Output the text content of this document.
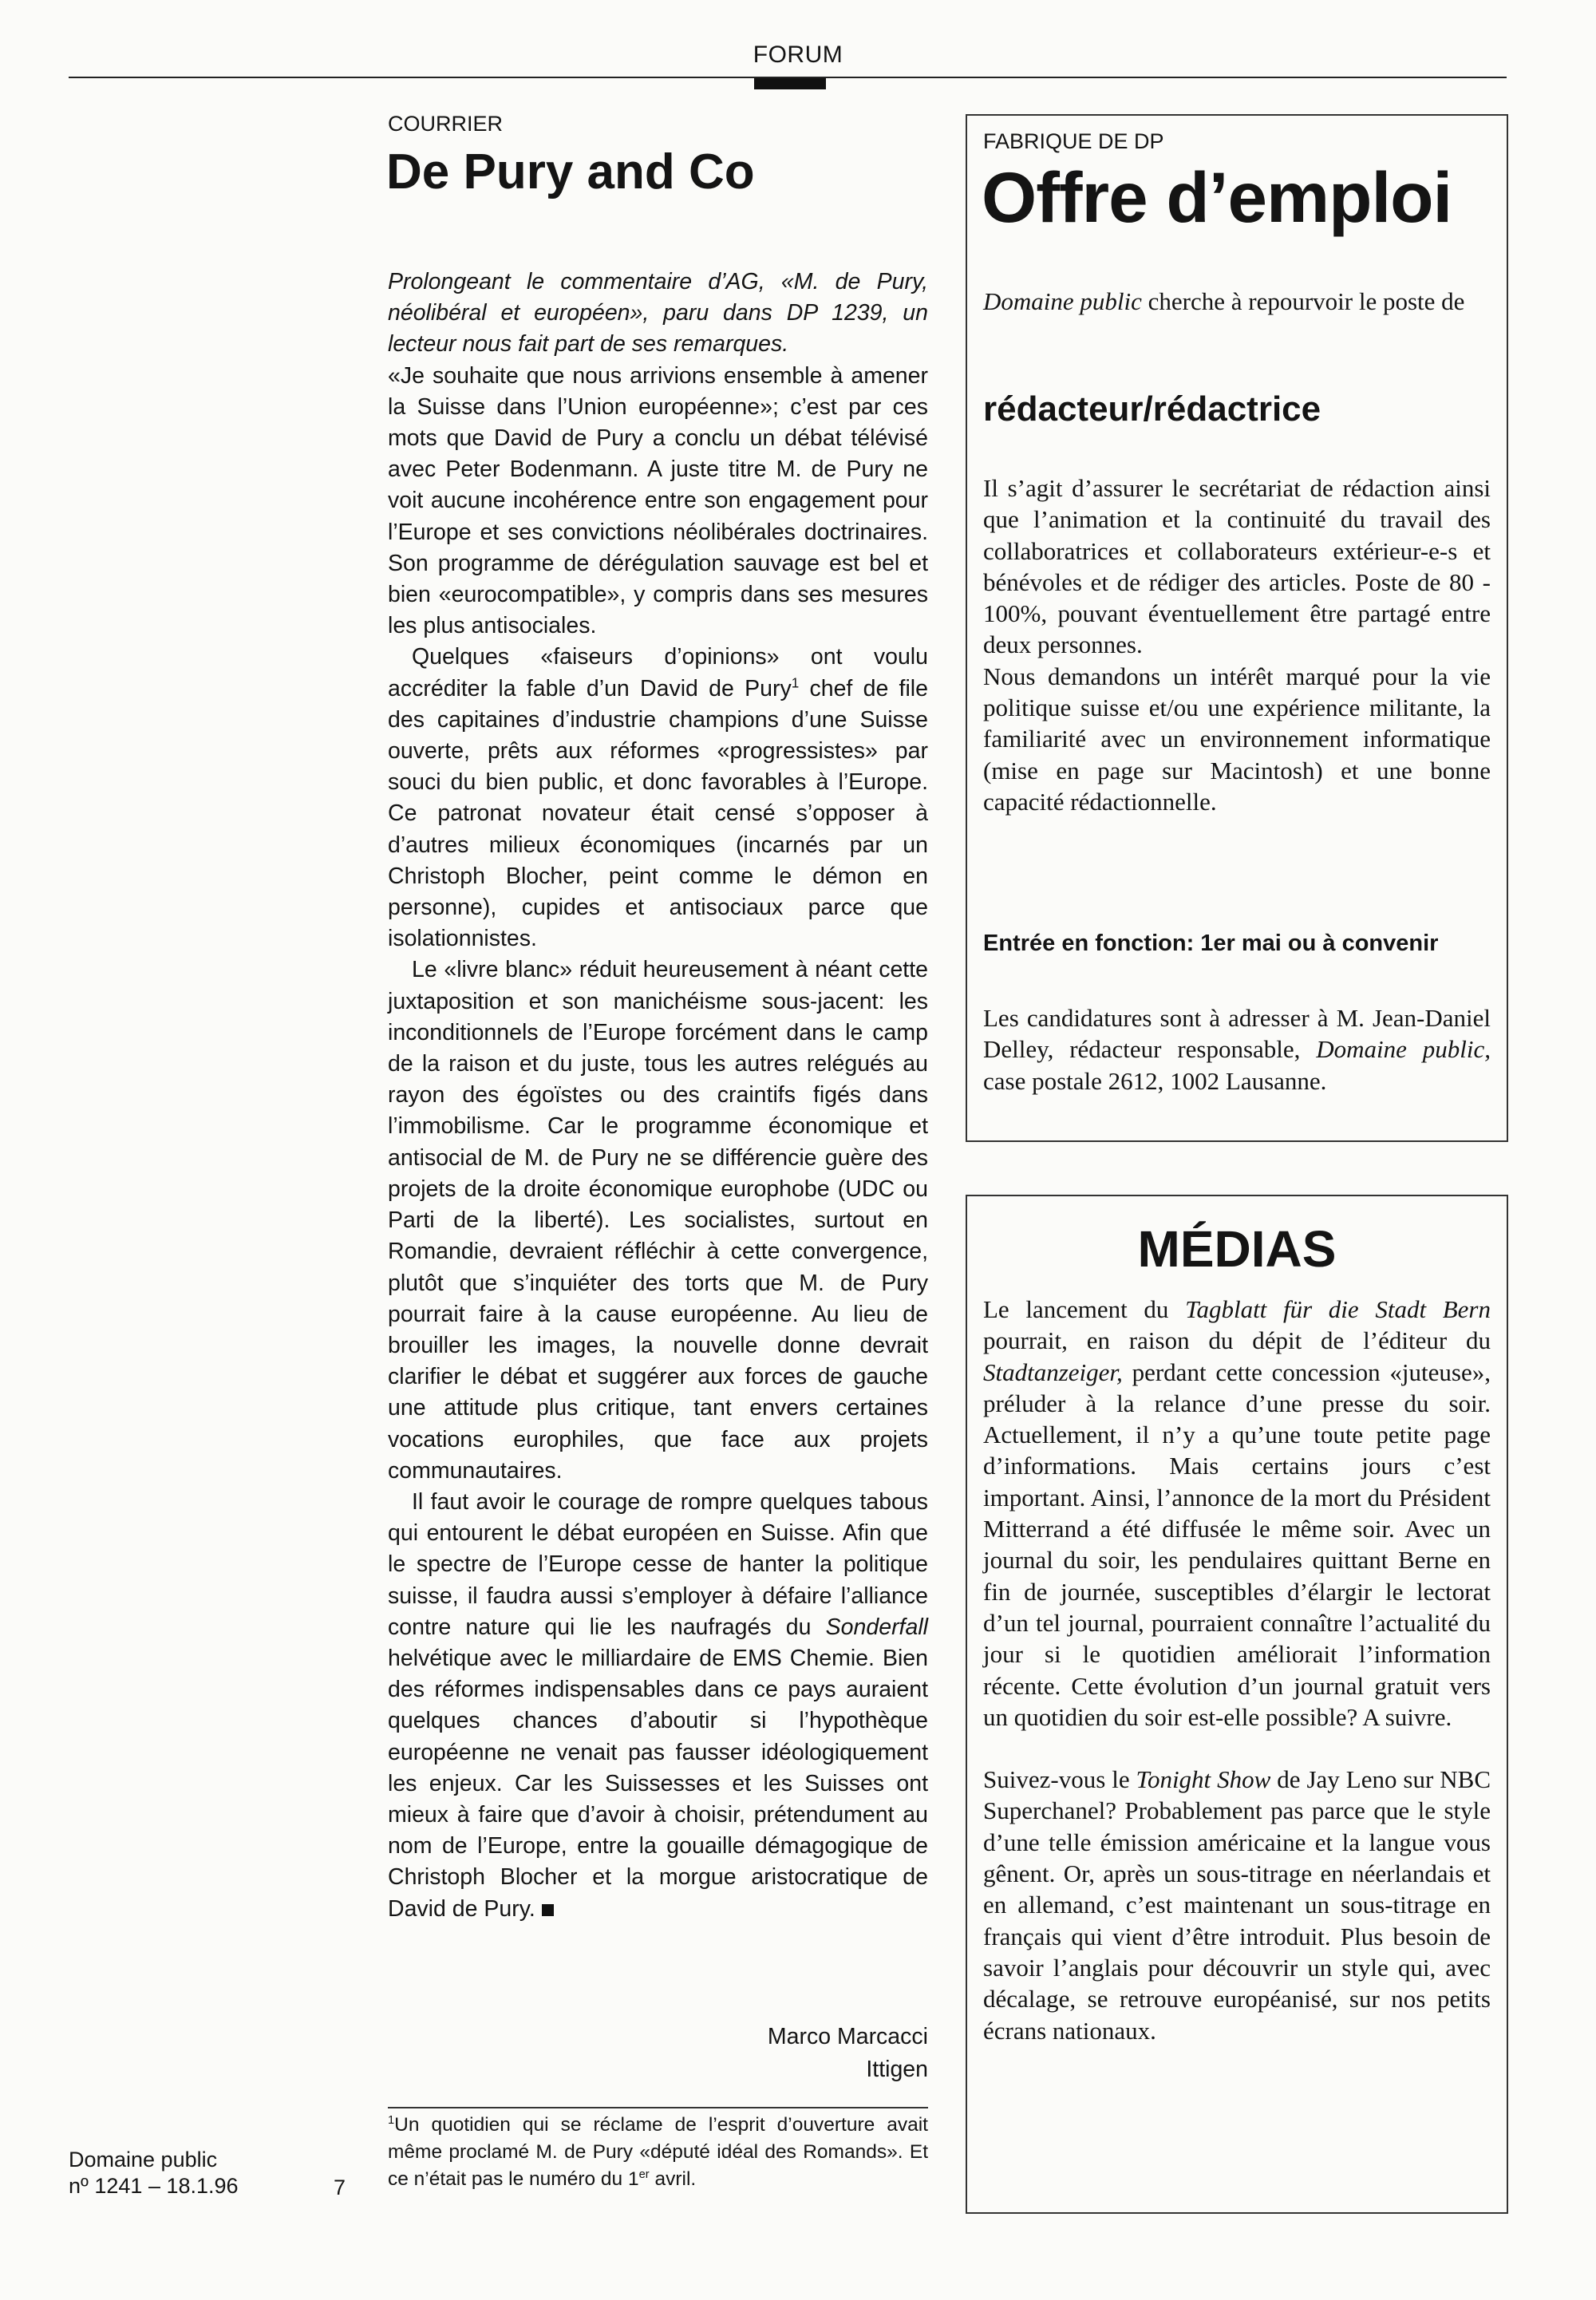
FORUM
COURRIER
De Pury and Co

Prolongeant le commentaire d’AG, «M. de Pury, néolibéral et européen», paru dans DP 1239, un lecteur nous fait part de ses remarques.

«Je souhaite que nous arrivions ensemble à amener la Suisse dans l’Union européenne»; c’est par ces mots que David de Pury a conclu un débat télévisé avec Peter Bodenmann. A juste titre M. de Pury ne voit aucune incohérence entre son engagement pour l’Europe et ses convictions néolibérales doctrinaires. Son programme de dérégulation sauvage est bel et bien «eurocompatible», y compris dans ses mesures les plus antisociales.

Quelques «faiseurs d’opinions» ont voulu accréditer la fable d’un David de Pury$^1$ chef de file des capitaines d’industrie champions d’une Suisse ouverte, prêts aux réformes «progressistes» par souci du bien public, et donc favorables à l’Europe. Ce patronat novateur était censé s’opposer à d’autres milieux économiques (incarnés par un Christoph Blocher, peint comme le démon en personne), cupides et antisociaux parce que isolationnistes.

Le «livre blanc» réduit heureusement à néant cette juxtaposition et son manichéisme sous-jacent: les inconditionnels de l’Europe forcément dans le camp de la raison et du juste, tous les autres relégués au rayon des égoïstes ou des craintifs figés dans l’immobilisme. Car le programme économique et antisocial de M. de Pury ne se différencie guère des projets de la droite économique europhobe (UDC ou Parti de la liberté). Les socialistes, surtout en Romandie, devraient réfléchir à cette convergence, plutôt que s’inquiéter des torts que M. de Pury pourrait faire à la cause européenne. Au lieu de brouiller les images, la nouvelle donne devrait clarifier le débat et suggérer aux forces de gauche une attitude plus critique, tant envers certaines vocations europhiles, que face aux projets communautaires.

Il faut avoir le courage de rompre quelques tabous qui entourent le débat européen en Suisse. Afin que le spectre de l’Europe cesse de hanter la politique suisse, il faudra aussi s’employer à défaire l’alliance contre nature qui lie les naufragés du Sonderfall helvétique avec le milliardaire de EMS Chemie. Bien des réformes indispensables dans ce pays auraient quelques chances d’aboutir si l’hypothèque européenne ne venait pas fausser idéologiquement les enjeux. Car les Suissesses et les Suisses ont mieux à faire que d’avoir à choisir, prétendument au nom de l’Europe, entre la gouaille démagogique de Christoph Blocher et la morgue aristocratique de David de Pury.

Marco Marcacci
Ittigen
$^1$Un quotidien qui se réclame de l’esprit d’ouverture avait même proclamé M. de Pury «député idéal des Romands». Et ce n’était pas le numéro du 1er avril.
Domaine public
nº 1241 – 18.1.96	7
FABRIQUE DE DP
Offre d’emploi
Domaine public cherche à repourvoir le poste de
rédacteur/rédactrice

Il s’agit d’assurer le secrétariat de rédaction ainsi que l’animation et la continuité du travail des collaboratrices et collaborateurs extérieur-e-s et bénévoles et de rédiger des articles. Poste de 80 - 100%, pouvant éventuellement être partagé entre deux personnes.

Nous demandons un intérêt marqué pour la vie politique suisse et/ou une expérience militante, la familiarité avec un environnement informatique (mise en page sur Macintosh) et une bonne capacité rédactionnelle.

Entrée en fonction: 1er mai ou à convenir
Les candidatures sont à adresser à M. Jean-Daniel Delley, rédacteur responsable, Domaine public, case postale 2612, 1002 Lausanne.
MÉDIAS

Le lancement du Tagblatt für die Stadt Bern pourrait, en raison du dépit de l’éditeur du Stadtanzeiger, perdant cette concession «juteuse», préluder à la relance d’une presse du soir. Actuellement, il n’y a qu’une toute petite page d’informations. Mais certains jours c’est important. Ainsi, l’annonce de la mort du Président Mitterrand a été diffusée le même soir. Avec un journal du soir, les pendulaires quittant Berne en fin de journée, susceptibles d’élargir le lectorat d’un tel journal, pourraient connaître l’actualité du jour si le quotidien améliorait l’information récente. Cette évolution d’un journal gratuit vers un quotidien du soir est-elle possible? A suivre.

Suivez-vous le Tonight Show de Jay Leno sur NBC Superchanel? Probablement pas parce que le style d’une telle émission américaine et la langue vous gênent. Or, après un sous-titrage en néerlandais et en allemand, c’est maintenant un sous-titrage en français qui vient d’être introduit. Plus besoin de savoir l’anglais pour découvrir un style qui, avec décalage, se retrouve européanisé, sur nos petits écrans nationaux.
